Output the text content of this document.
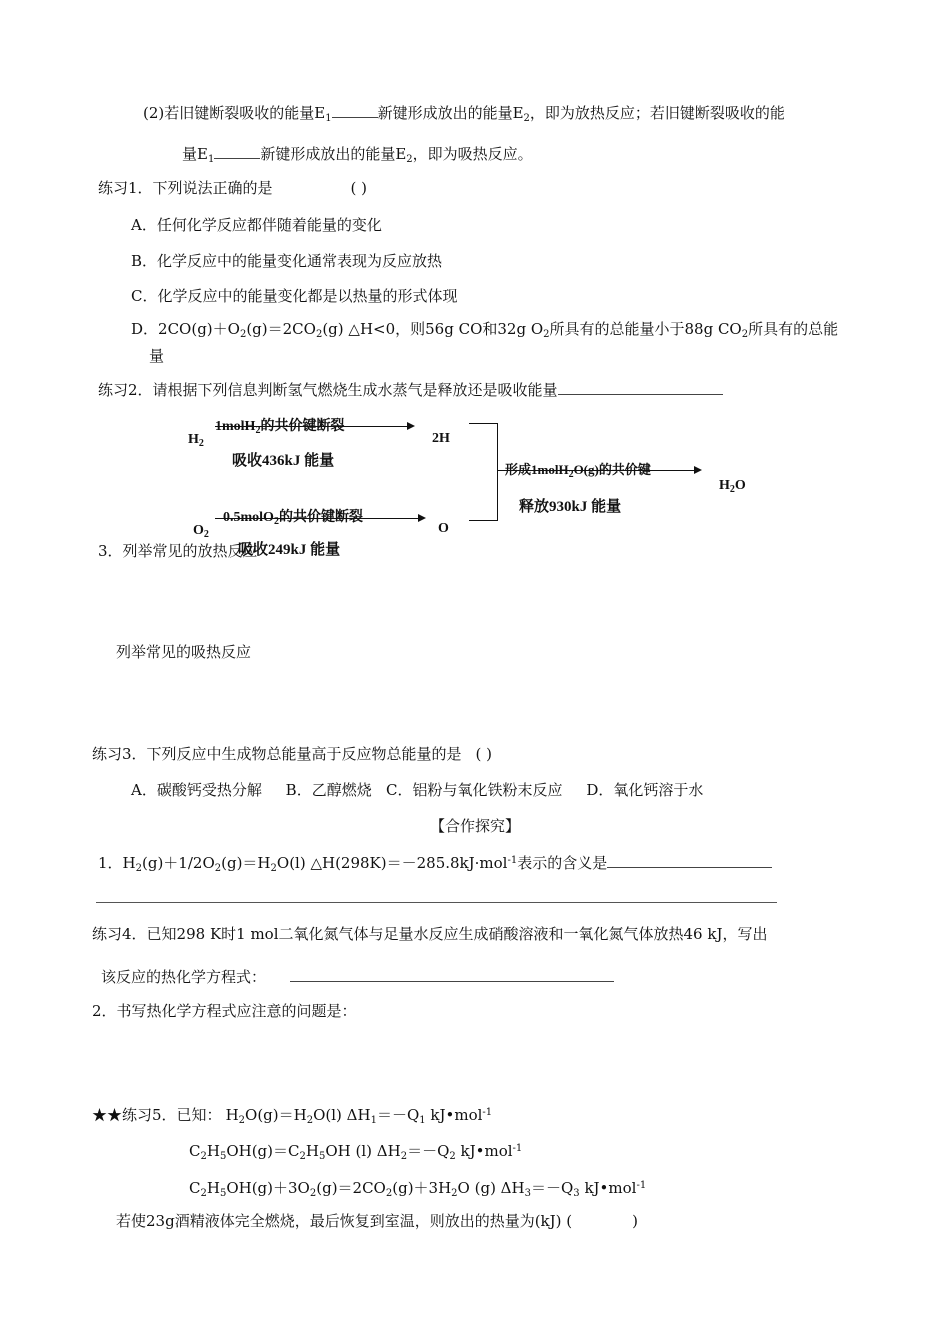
(2)若旧键断裂吸收的能量$E_1$	新键形成放出的能量$E_2$，即为放热反应；若旧键断裂吸收的能
量$E_1$	新键形成放出的能量$E_2$，即为吸热反应。
练习1．下列说法正确的是	( )
A．任何化学反应都伴随着能量的变化
B．化学反应中的能量变化通常表现为反应放热
C．化学反应中的能量变化都是以热量的形式体现
D．$2CO(g)+O_2(g)=2CO_2(g)$ △H<0，则56g CO和32g $O_2$所具有的总能量小于88g $CO_2$所具有的总能
量
练习2．请根据下列信息判断氢气燃烧生成水蒸气是释放还是吸收能量
$H_2$
1molH$_2$的共价键断裂
2H
吸收436kJ 能量
形成1molH$_2$O(g)的共价键
$H_2O$
释放930kJ 能量
0.5molO$_2$的共价键断裂
$O_2$	O
3．列举常见的放热反应
吸收249kJ 能量
列举常见的吸热反应
练习3．下列反应中生成物总能量高于反应物总能量的是 ( )
A．碳酸钙受热分解     B．乙醇燃烧   C．铝粉与氧化铁粉末反应     D．氧化钙溶于水
【合作探究】
1．$H_2(g)+1/2O_2(g)=H_2O(l)$ △H(298K)＝－285.8kJ·mol$^{-1}$表示的含义是
练习4．已知298 K时1 mol二氧化氮气体与足量水反应生成硝酸溶液和一氧化氮气体放热46 kJ，写出
该反应的热化学方程式：
2．书写热化学方程式应注意的问题是：
★★练习5．已知： $H_2O(g)=H_2O(l)$ $\Delta H_1=-Q_1$ kJ•mol$^{-1}$
$C_2H_5OH(g)=C_2H_5OH$ (l) $\Delta H_2=-Q_2$ kJ•mol$^{-1}$
$C_2H_5OH(g)+3O_2(g)=2CO_2(g)+3H_2O$ (g) $\Delta H_3=-Q_3$ kJ•mol$^{-1}$
若使23g酒精液体完全燃烧，最后恢复到室温，则放出的热量为(kJ) (	)
